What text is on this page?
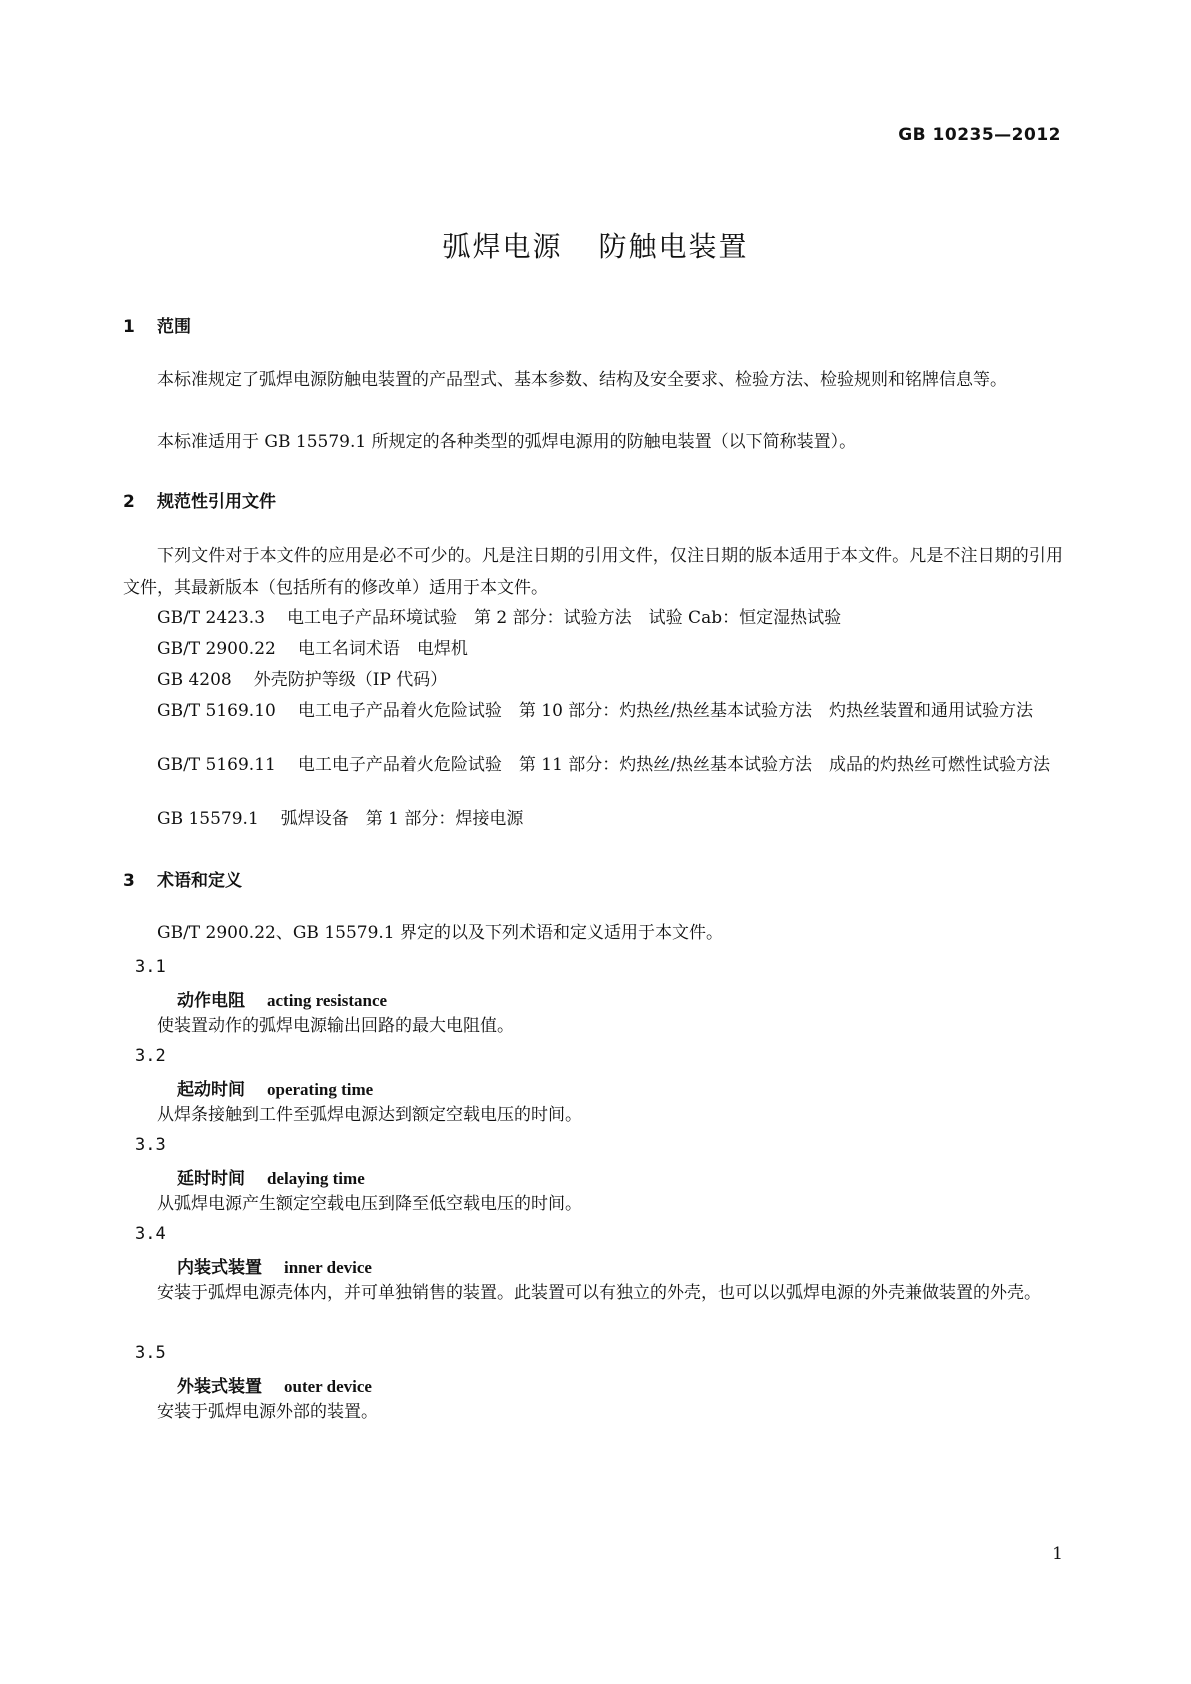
GB 10235—2012
弧焊电源 防触电装置
1 范围
本标准规定了弧焊电源防触电装置的产品型式、基本参数、结构及安全要求、检验方法、检验规则和铭牌信息等。
本标准适用于 GB 15579.1 所规定的各种类型的弧焊电源用的防触电装置（以下简称装置）。
2 规范性引用文件
下列文件对于本文件的应用是必不可少的。凡是注日期的引用文件，仅注日期的版本适用于本文件。凡是不注日期的引用文件，其最新版本（包括所有的修改单）适用于本文件。
GB/T 2423.3 电工电子产品环境试验　第 2 部分：试验方法　试验 Cab：恒定湿热试验
GB/T 2900.22 电工名词术语　电焊机
GB 4208 外壳防护等级（IP 代码）
GB/T 5169.10 电工电子产品着火危险试验　第 10 部分：灼热丝/热丝基本试验方法　灼热丝装置和通用试验方法
GB/T 5169.11 电工电子产品着火危险试验　第 11 部分：灼热丝/热丝基本试验方法　成品的灼热丝可燃性试验方法
GB 15579.1 弧焊设备　第 1 部分：焊接电源
3 术语和定义
GB/T 2900.22、GB 15579.1 界定的以及下列术语和定义适用于本文件。
3.1
动作电阻 acting resistance
使装置动作的弧焊电源输出回路的最大电阻值。
3.2
起动时间 operating time
从焊条接触到工件至弧焊电源达到额定空载电压的时间。
3.3
延时时间 delaying time
从弧焊电源产生额定空载电压到降至低空载电压的时间。
3.4
内装式装置 inner device
安装于弧焊电源壳体内，并可单独销售的装置。此装置可以有独立的外壳，也可以以弧焊电源的外壳兼做装置的外壳。
3.5
外装式装置 outer device
安装于弧焊电源外部的装置。
1
